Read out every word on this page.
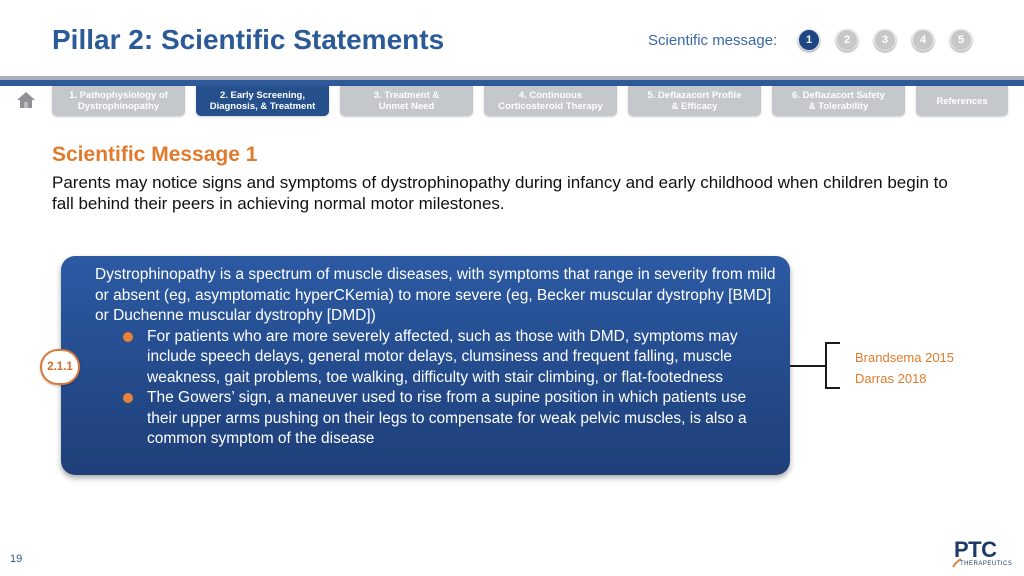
Pillar 2: Scientific Statements	Scientific message:	1	2	3	4	5
1. Pathophysiology of
Dystrophinopathy
2. Early Screening,
Diagnosis, & Treatment
3. Treatment &
Unmet Need
4. Continuous
Corticosteroid Therapy
5. Deflazacort Profile
& Efficacy
6. Deflazacort Safety
& Tolerability	References
Scientific Message 1
Parents may notice signs and symptoms of dystrophinopathy during infancy and early childhood when children begin to fall behind their peers in achieving normal motor milestones.

Dystrophinopathy is a spectrum of muscle diseases, with symptoms that range in severity from mild or absent (eg, asymptomatic hyperCKemia) to more severe (eg, Becker muscular dystrophy [BMD] or Duchenne muscular dystrophy [DMD])

For patients who are more severely affected, such as those with DMD, symptoms may include speech delays, general motor delays, clumsiness and frequent falling, muscle weakness, gait problems, toe walking, difficulty with stair climbing, or flat-footedness
The Gowers’ sign, a maneuver used to rise from a supine position in which patients use their upper arms pushing on their legs to compensate for weak pelvic muscles, is also a common symptom of the disease
2.1.1
Brandsema 2015
Darras 2018
19	PTC
THERAPEUTICS
